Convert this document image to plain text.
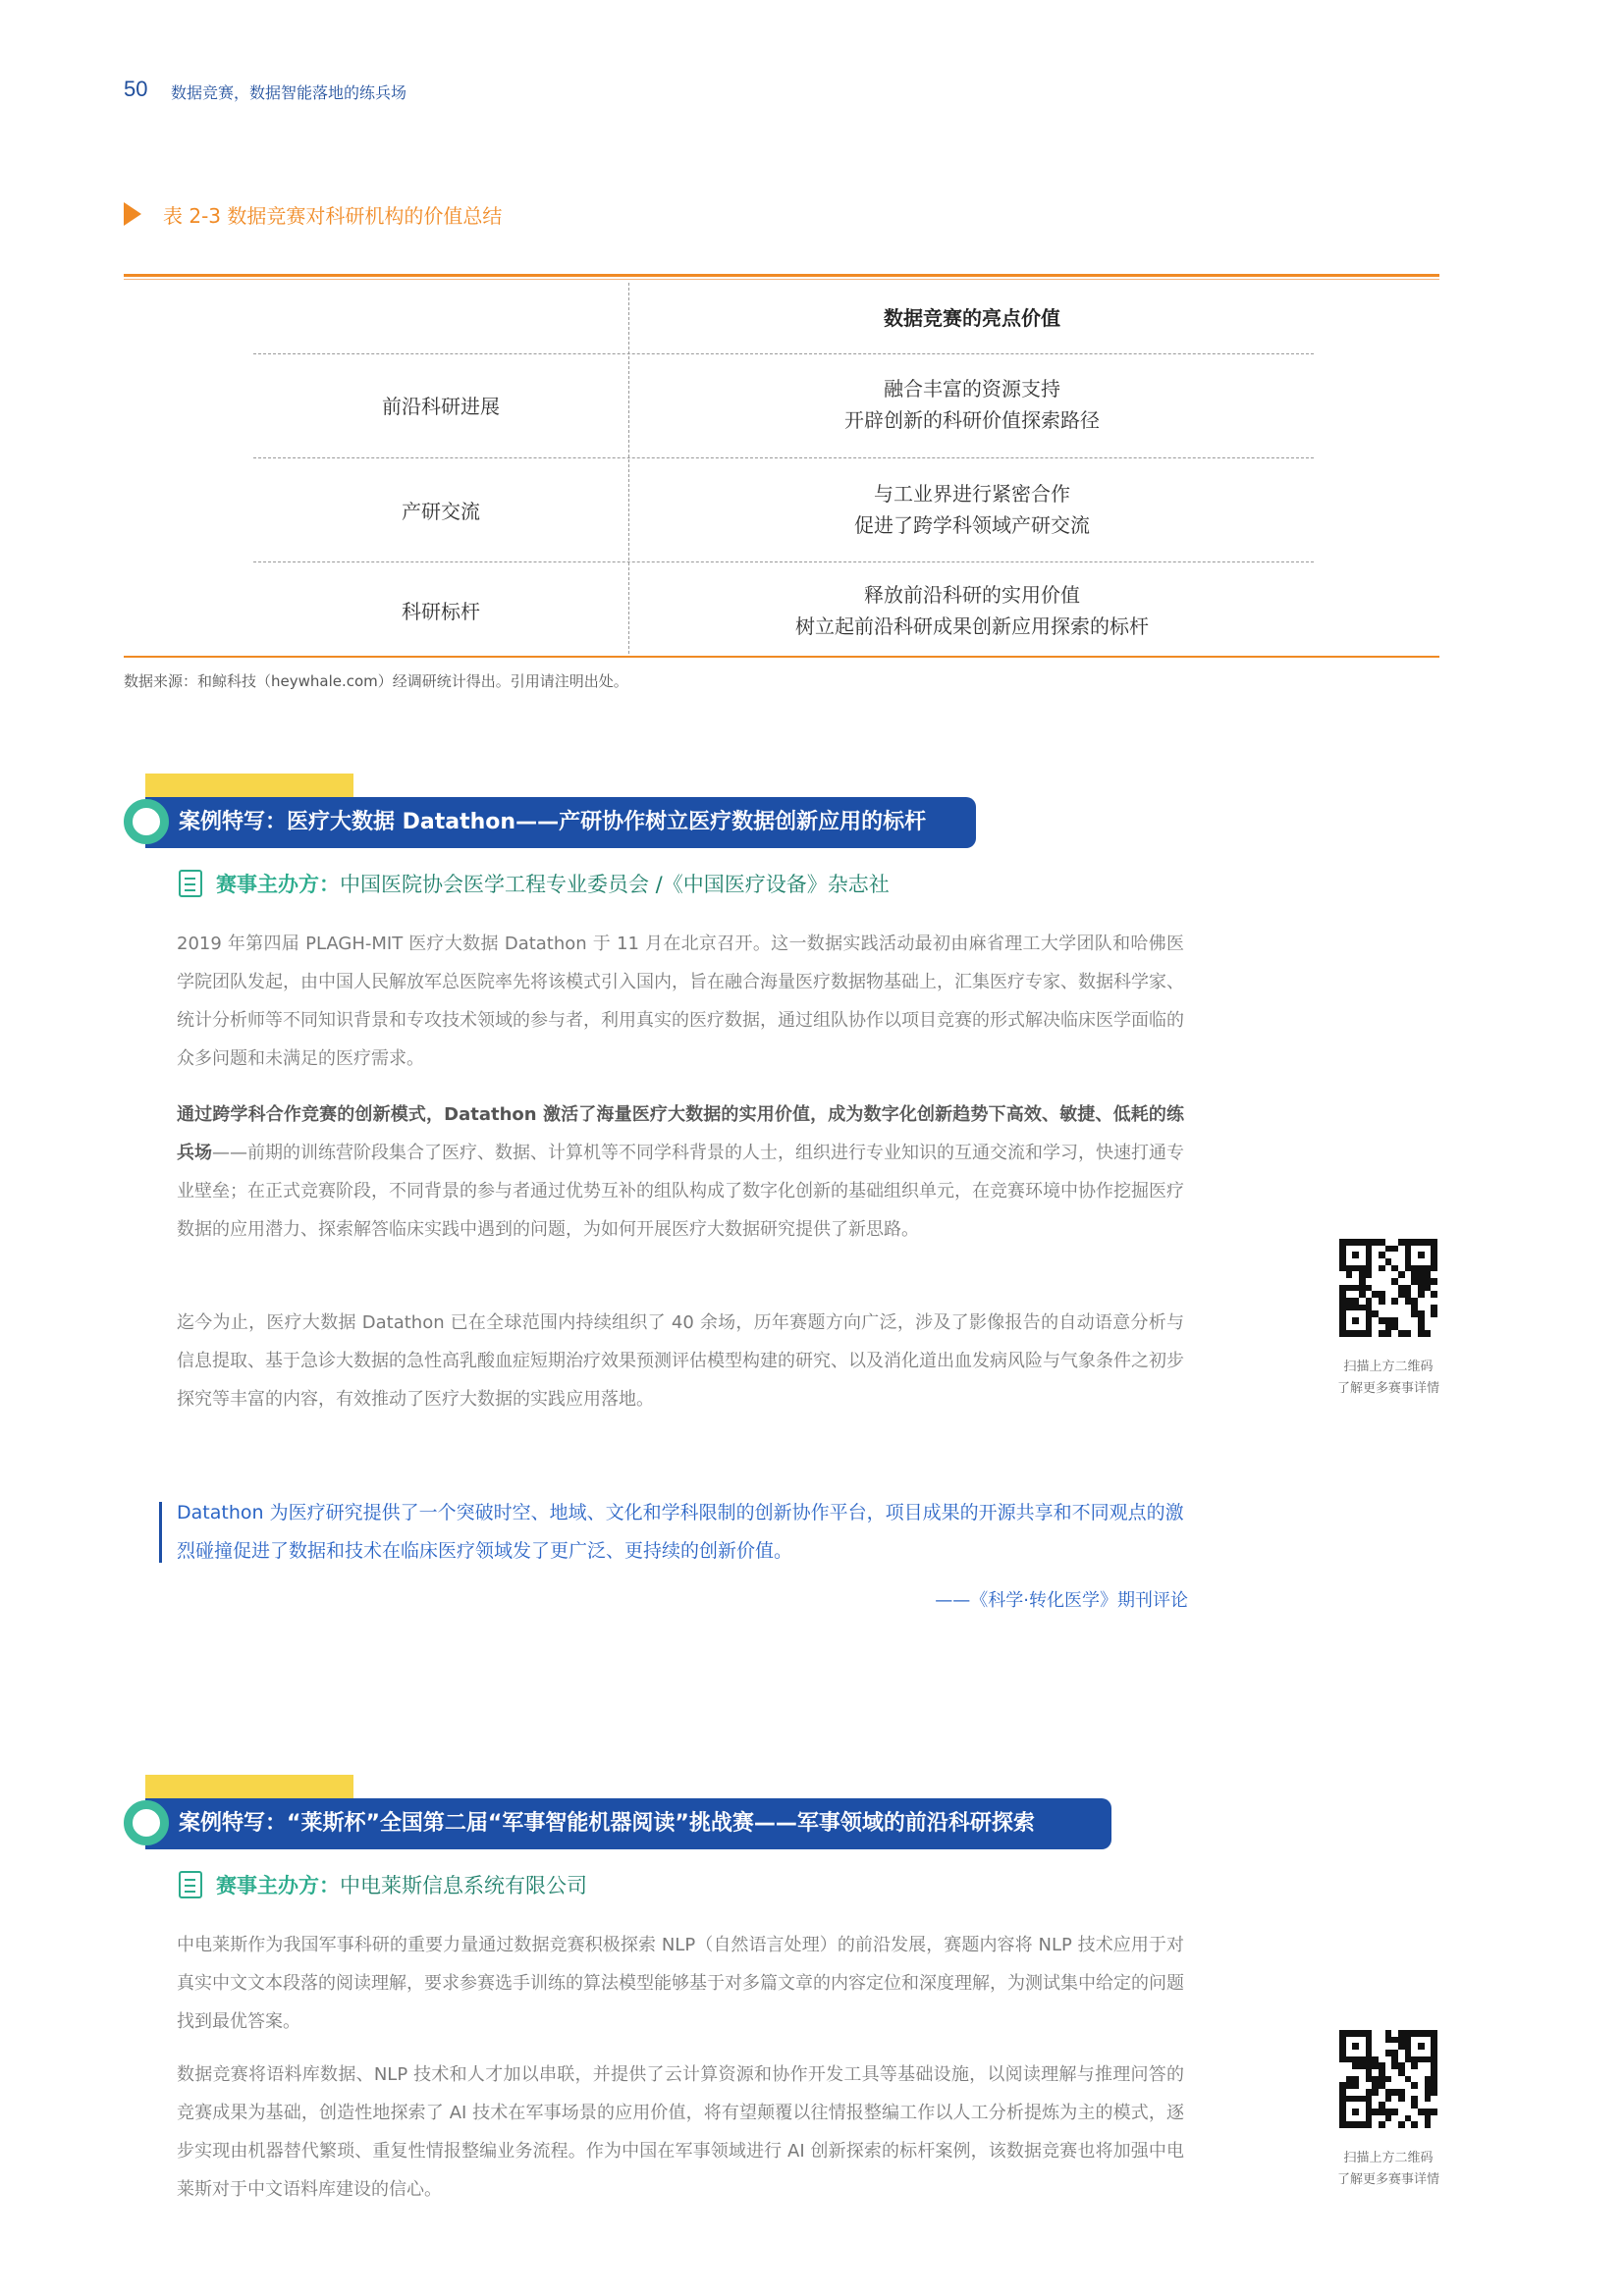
50 数据竞赛，数据智能落地的练兵场
表 2-3 数据竞赛对科研机构的价值总结
数据竞赛的亮点价值
前沿科研进展
融合丰富的资源支持
开辟创新的科研价值探索路径
产研交流
与工业界进行紧密合作
促进了跨学科领域产研交流
科研标杆
释放前沿科研的实用价值
树立起前沿科研成果创新应用探索的标杆
数据来源：和鲸科技（heywhale.com）经调研统计得出。引用请注明出处。
案例特写：医疗大数据 Datathon——产研协作树立医疗数据创新应用的标杆
赛事主办方：中国医院协会医学工程专业委员会 /《中国医疗设备》杂志社
2019 年第四届 PLAGH-MIT 医疗大数据 Datathon 于 11 月在北京召开。这一数据实践活动最初由麻省理工大学团队和哈佛医学院团队发起，由中国人民解放军总医院率先将该模式引入国内，旨在融合海量医疗数据物基础上，汇集医疗专家、数据科学家、统计分析师等不同知识背景和专攻技术领域的参与者，利用真实的医疗数据，通过组队协作以项目竞赛的形式解决临床医学面临的众多问题和未满足的医疗需求。
通过跨学科合作竞赛的创新模式，Datathon 激活了海量医疗大数据的实用价值，成为数字化创新趋势下高效、敏捷、低耗的练兵场——前期的训练营阶段集合了医疗、数据、计算机等不同学科背景的人士，组织进行专业知识的互通交流和学习，快速打通专业壁垒；在正式竞赛阶段，不同背景的参与者通过优势互补的组队构成了数字化创新的基础组织单元，在竞赛环境中协作挖掘医疗数据的应用潜力、探索解答临床实践中遇到的问题，为如何开展医疗大数据研究提供了新思路。
迄今为止，医疗大数据 Datathon 已在全球范围内持续组织了 40 余场，历年赛题方向广泛，涉及了影像报告的自动语意分析与信息提取、基于急诊大数据的急性高乳酸血症短期治疗效果预测评估模型构建的研究、以及消化道出血发病风险与气象条件之初步探究等丰富的内容，有效推动了医疗大数据的实践应用落地。
扫描上方二维码
了解更多赛事详情
Datathon 为医疗研究提供了一个突破时空、地域、文化和学科限制的创新协作平台，项目成果的开源共享和不同观点的激烈碰撞促进了数据和技术在临床医疗领域发了更广泛、更持续的创新价值。
——《科学·转化医学》期刊评论
案例特写：“莱斯杯”全国第二届“军事智能机器阅读”挑战赛——军事领域的前沿科研探索
赛事主办方：中电莱斯信息系统有限公司
中电莱斯作为我国军事科研的重要力量通过数据竞赛积极探索 NLP（自然语言处理）的前沿发展，赛题内容将 NLP 技术应用于对真实中文文本段落的阅读理解，要求参赛选手训练的算法模型能够基于对多篇文章的内容定位和深度理解，为测试集中给定的问题找到最优答案。
数据竞赛将语料库数据、NLP 技术和人才加以串联，并提供了云计算资源和协作开发工具等基础设施，以阅读理解与推理问答的竞赛成果为基础，创造性地探索了 AI 技术在军事场景的应用价值，将有望颠覆以往情报整编工作以人工分析提炼为主的模式，逐步实现由机器替代繁琐、重复性情报整编业务流程。作为中国在军事领域进行 AI 创新探索的标杆案例，该数据竞赛也将加强中电莱斯对于中文语料库建设的信心。
扫描上方二维码
了解更多赛事详情
